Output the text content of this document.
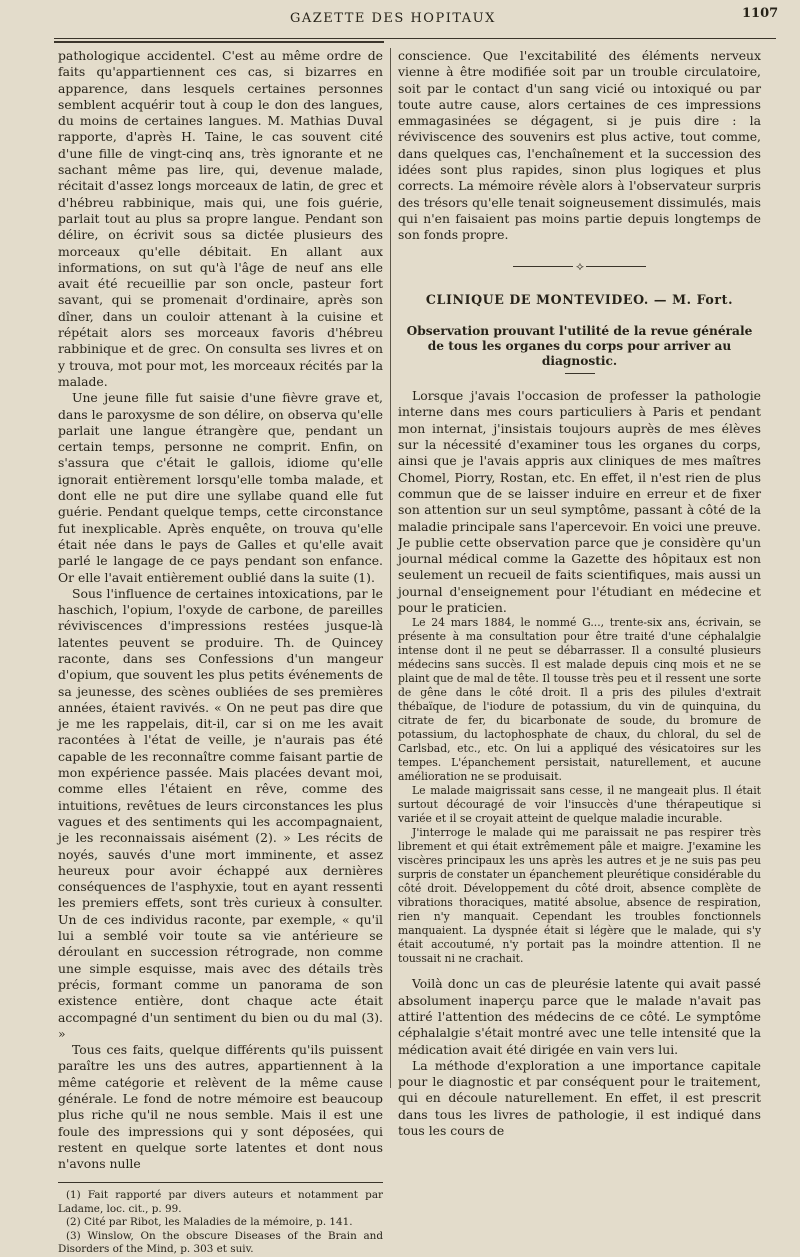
GAZETTE DES HOPITAUX	1107

pathologique accidentel. C'est au même ordre de faits qu'appartiennent ces cas, si bizarres en apparence, dans lesquels certaines personnes semblent acquérir tout à coup le don des langues, du moins de certaines langues. M. Mathias Duval rapporte, d'après H. Taine, le cas souvent cité d'une fille de vingt-cinq ans, très ignorante et ne sachant même pas lire, qui, devenue malade, récitait d'assez longs morceaux de latin, de grec et d'hébreu rabbinique, mais qui, une fois guérie, parlait tout au plus sa propre langue. Pendant son délire, on écrivit sous sa dictée plusieurs des morceaux qu'elle débitait. En allant aux informations, on sut qu'à l'âge de neuf ans elle avait été recueillie par son oncle, pasteur fort savant, qui se promenait d'ordinaire, après son dîner, dans un couloir attenant à la cuisine et répétait alors ses morceaux favoris d'hébreu rabbinique et de grec. On consulta ses livres et on y trouva, mot pour mot, les morceaux récités par la malade.

Une jeune fille fut saisie d'une fièvre grave et, dans le paroxysme de son délire, on observa qu'elle parlait une langue étrangère que, pendant un certain temps, personne ne comprit. Enfin, on s'assura que c'était le gallois, idiome qu'elle ignorait entièrement lorsqu'elle tomba malade, et dont elle ne put dire une syllabe quand elle fut guérie. Pendant quelque temps, cette circonstance fut inexplicable. Après enquête, on trouva qu'elle était née dans le pays de Galles et qu'elle avait parlé le langage de ce pays pendant son enfance. Or elle l'avait entièrement oublié dans la suite (1).

Sous l'influence de certaines intoxications, par le haschich, l'opium, l'oxyde de carbone, de pareilles réviviscences d'impressions restées jusque-là latentes peuvent se produire. Th. de Quincey raconte, dans ses Confessions d'un mangeur d'opium, que souvent les plus petits événements de sa jeunesse, des scènes oubliées de ses premières années, étaient ravivés. « On ne peut pas dire que je me les rappelais, dit-il, car si on me les avait racontées à l'état de veille, je n'aurais pas été capable de les reconnaître comme faisant partie de mon expérience passée. Mais placées devant moi, comme elles l'étaient en rêve, comme des intuitions, revêtues de leurs circonstances les plus vagues et des sentiments qui les accompagnaient, je les reconnaissais aisément (2). » Les récits de noyés, sauvés d'une mort imminente, et assez heureux pour avoir échappé aux dernières conséquences de l'asphyxie, tout en ayant ressenti les premiers effets, sont très curieux à consulter. Un de ces individus raconte, par exemple, « qu'il lui a semblé voir toute sa vie antérieure se déroulant en succession rétrograde, non comme une simple esquisse, mais avec des détails très précis, formant comme un panorama de son existence entière, dont chaque acte était accompagné d'un sentiment du bien ou du mal (3). »

Tous ces faits, quelque différents qu'ils puissent paraître les uns des autres, appartiennent à la même catégorie et relèvent de la même cause générale. Le fond de notre mémoire est beaucoup plus riche qu'il ne nous semble. Mais il est une foule des impressions qui y sont déposées, qui restent en quelque sorte latentes et dont nous n'avons nulle

(1) Fait rapporté par divers auteurs et notamment par Ladame, loc. cit., p. 99.

(2) Cité par Ribot, les Maladies de la mémoire, p. 141.

(3) Winslow, On the obscure Diseases of the Brain and Disorders of the Mind, p. 303 et suiv.

conscience. Que l'excitabilité des éléments nerveux vienne à être modifiée soit par un trouble circulatoire, soit par le contact d'un sang vicié ou intoxiqué ou par toute autre cause, alors certaines de ces impressions emmagasinées se dégagent, si je puis dire : la réviviscence des souvenirs est plus active, tout comme, dans quelques cas, l'enchaînement et la succession des idées sont plus rapides, sinon plus logiques et plus corrects. La mémoire révèle alors à l'observateur surpris des trésors qu'elle tenait soigneusement dissimulés, mais qui n'en faisaient pas moins partie depuis longtemps de son fonds propre.

⟡
CLINIQUE DE MONTEVIDEO. — M. Fort.
Observation prouvant l'utilité de la revue générale de tous les organes du corps pour arriver au diagnostic.

Lorsque j'avais l'occasion de professer la pathologie interne dans mes cours particuliers à Paris et pendant mon internat, j'insistais toujours auprès de mes élèves sur la nécessité d'examiner tous les organes du corps, ainsi que je l'avais appris aux cliniques de mes maîtres Chomel, Piorry, Rostan, etc. En effet, il n'est rien de plus commun que de se laisser induire en erreur et de fixer son attention sur un seul symptôme, passant à côté de la maladie principale sans l'apercevoir. En voici une preuve. Je publie cette observation parce que je considère qu'un journal médical comme la Gazette des hôpitaux est non seulement un recueil de faits scientifiques, mais aussi un journal d'enseignement pour l'étudiant en médecine et pour le praticien.

Le 24 mars 1884, le nommé G..., trente-six ans, écrivain, se présente à ma consultation pour être traité d'une céphalalgie intense dont il ne peut se débarrasser. Il a consulté plusieurs médecins sans succès. Il est malade depuis cinq mois et ne se plaint que de mal de tête. Il tousse très peu et il ressent une sorte de gêne dans le côté droit. Il a pris des pilules d'extrait thébaïque, de l'iodure de potassium, du vin de quinquina, du citrate de fer, du bicarbonate de soude, du bromure de potassium, du lactophosphate de chaux, du chloral, du sel de Carlsbad, etc., etc. On lui a appliqué des vésicatoires sur les tempes. L'épanchement persistait, naturellement, et aucune amélioration ne se produisait.

Le malade maigrissait sans cesse, il ne mangeait plus. Il était surtout découragé de voir l'insuccès d'une thérapeutique si variée et il se croyait atteint de quelque maladie incurable.

J'interroge le malade qui me paraissait ne pas respirer très librement et qui était extrêmement pâle et maigre. J'examine les viscères principaux les uns après les autres et je ne suis pas peu surpris de constater un épanchement pleurétique considérable du côté droit. Développement du côté droit, absence complète de vibrations thoraciques, matité absolue, absence de respiration, rien n'y manquait. Cependant les troubles fonctionnels manquaient. La dyspnée était si légère que le malade, qui s'y était accoutumé, n'y portait pas la moindre attention. Il ne toussait ni ne crachait.

Voilà donc un cas de pleurésie latente qui avait passé absolument inaperçu parce que le malade n'avait pas attiré l'attention des médecins de ce côté. Le symptôme céphalalgie s'était montré avec une telle intensité que la médication avait été dirigée en vain vers lui.

La méthode d'exploration a une importance capitale pour le diagnostic et par conséquent pour le traitement, qui en découle naturellement. En effet, il est prescrit dans tous les livres de pathologie, il est indiqué dans tous les cours de
